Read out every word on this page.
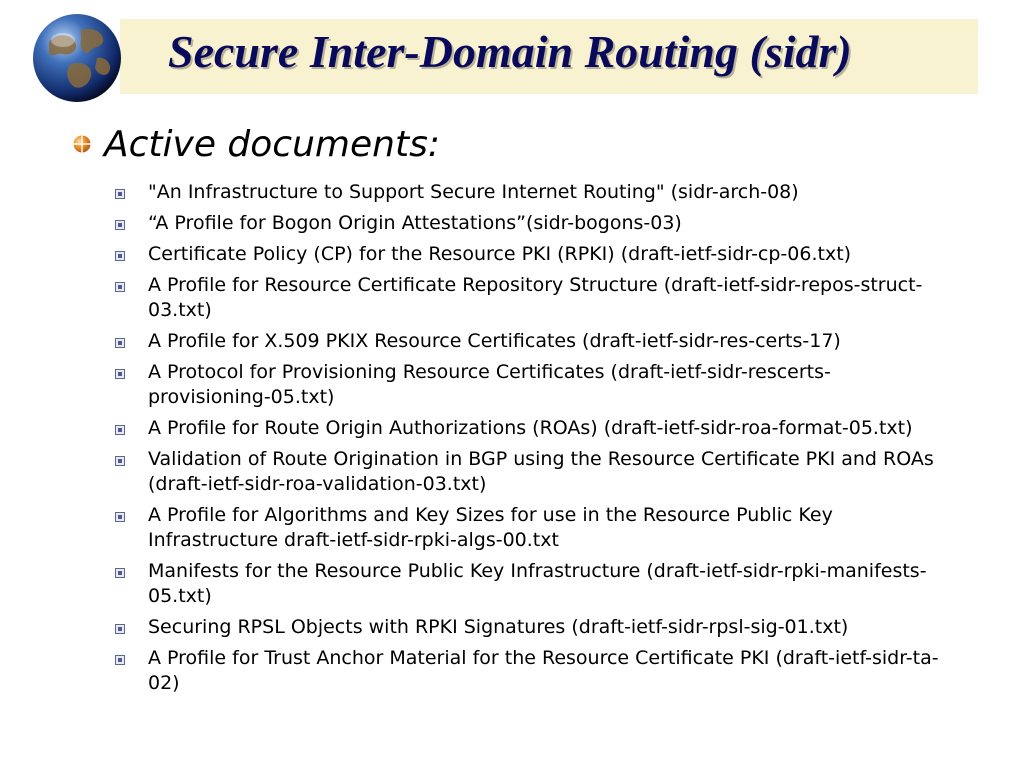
Secure Inter-Domain Routing (sidr)
Active documents:
"An Infrastructure to Support Secure Internet Routing" (sidr-arch-08)
“A Profile for Bogon Origin Attestations”(sidr-bogons-03)
Certificate Policy (CP) for the Resource PKI (RPKI) (draft-ietf-sidr-cp-06.txt)
A Profile for Resource Certificate Repository Structure (draft-ietf-sidr-repos-struct-03.txt)
A Profile for X.509 PKIX Resource Certificates (draft-ietf-sidr-res-certs-17)
A Protocol for Provisioning Resource Certificates (draft-ietf-sidr-rescerts-provisioning-05.txt)
A Profile for Route Origin Authorizations (ROAs) (draft-ietf-sidr-roa-format-05.txt)
Validation of Route Origination in BGP using the Resource Certificate PKI and ROAs (draft-ietf-sidr-roa-validation-03.txt)
A Profile for Algorithms and Key Sizes for use in the Resource Public Key Infrastructure draft-ietf-sidr-rpki-algs-00.txt
Manifests for the Resource Public Key Infrastructure (draft-ietf-sidr-rpki-manifests-05.txt)
Securing RPSL Objects with RPKI Signatures (draft-ietf-sidr-rpsl-sig-01.txt)
A Profile for Trust Anchor Material for the Resource Certificate PKI (draft-ietf-sidr-ta-02)
